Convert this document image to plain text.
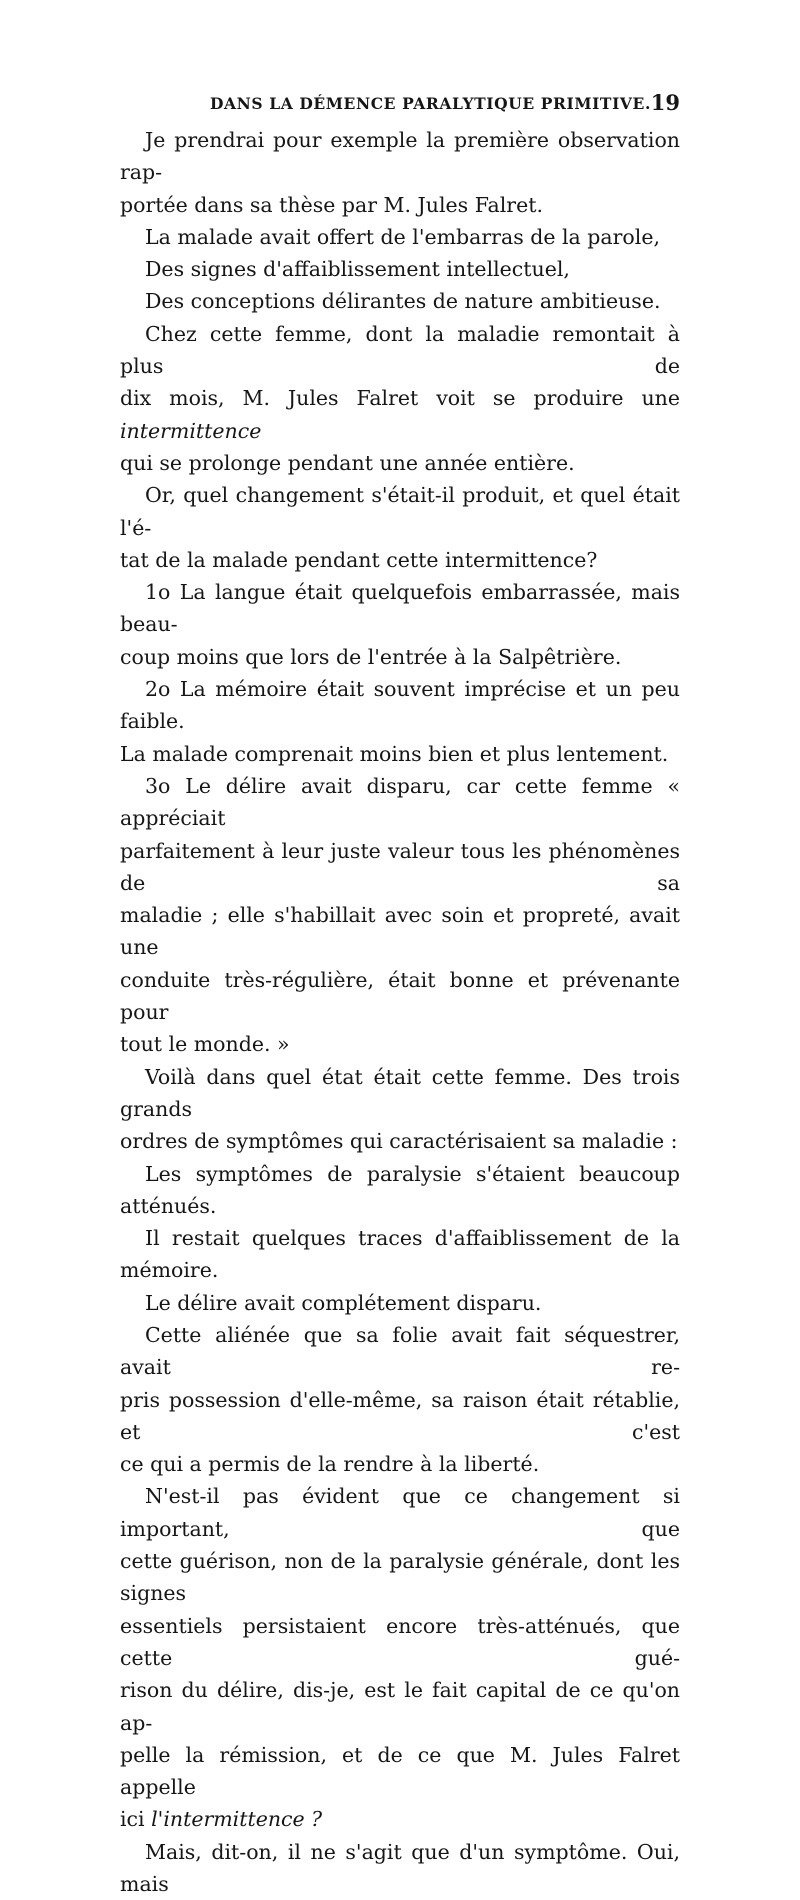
DANS LA DÉMENCE PARALYTIQUE PRIMITIVE. 19

Je prendrai pour exemple la première observation rap-

portée dans sa thèse par M. Jules Falret.

La malade avait offert de l'embarras de la parole,

Des signes d'affaiblissement intellectuel,

Des conceptions délirantes de nature ambitieuse.

Chez cette femme, dont la maladie remontait à plus de

dix mois, M. Jules Falret voit se produire une intermittence

qui se prolonge pendant une année entière.

Or, quel changement s'était-il produit, et quel était l'é-

tat de la malade pendant cette intermittence?

1o La langue était quelquefois embarrassée, mais beau-

coup moins que lors de l'entrée à la Salpêtrière.

2o La mémoire était souvent imprécise et un peu faible.

La malade comprenait moins bien et plus lentement.

3o Le délire avait disparu, car cette femme « appréciait

parfaitement à leur juste valeur tous les phénomènes de sa

maladie ; elle s'habillait avec soin et propreté, avait une

conduite très-régulière, était bonne et prévenante pour

tout le monde. »

Voilà dans quel état était cette femme. Des trois grands

ordres de symptômes qui caractérisaient sa maladie :

Les symptômes de paralysie s'étaient beaucoup atténués.

Il restait quelques traces d'affaiblissement de la mémoire.

Le délire avait complétement disparu.

Cette aliénée que sa folie avait fait séquestrer, avait re-

pris possession d'elle-même, sa raison était rétablie, et c'est

ce qui a permis de la rendre à la liberté.

N'est-il pas évident que ce changement si important, que

cette guérison, non de la paralysie générale, dont les signes

essentiels persistaient encore très-atténués, que cette gué-

rison du délire, dis-je, est le fait capital de ce qu'on ap-

pelle la rémission, et de ce que M. Jules Falret appelle

ici l'intermittence ?

Mais, dit-on, il ne s'agit que d'un symptôme. Oui, mais
